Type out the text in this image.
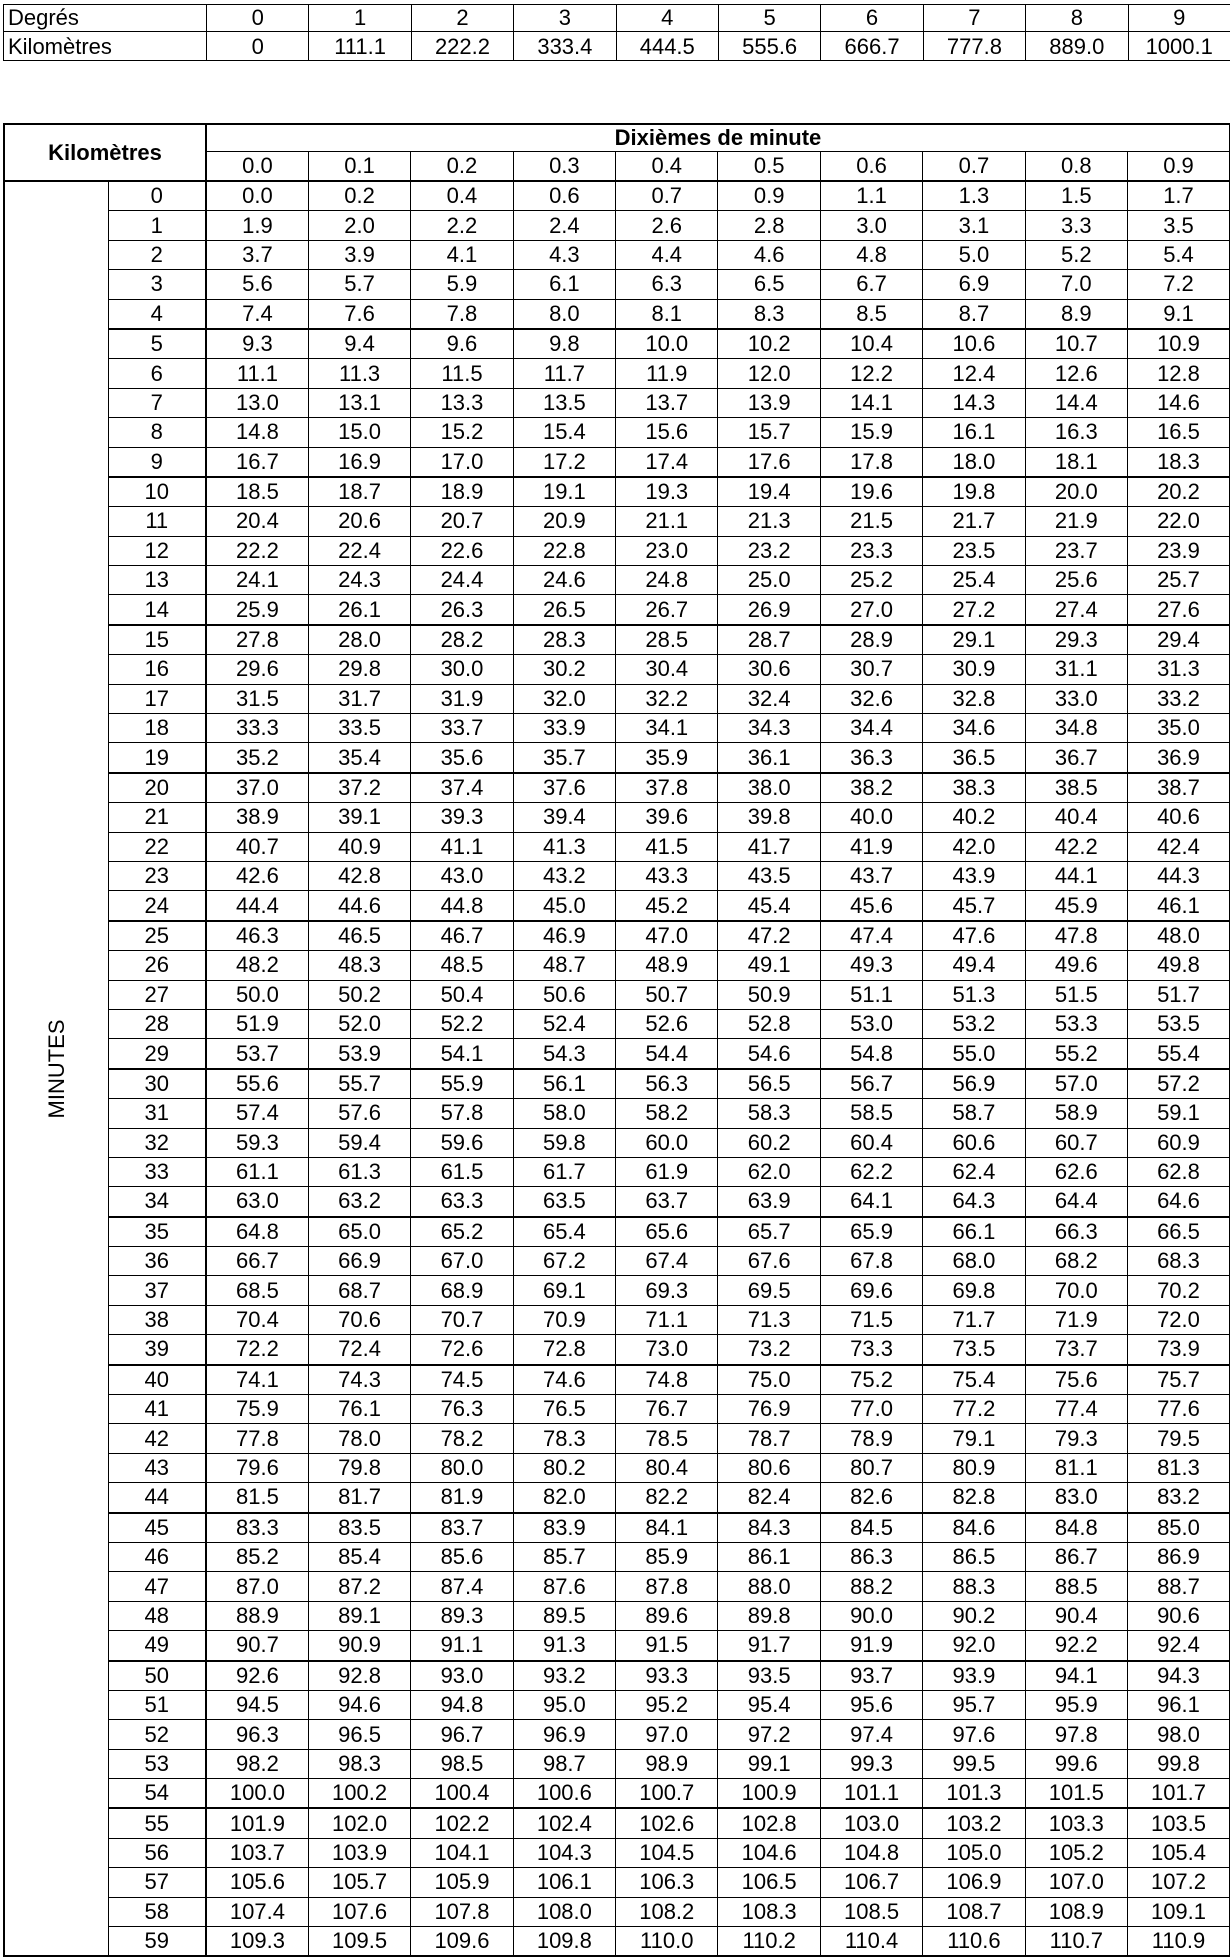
Degrés	0	1	2	3	4	5	6	7	8	9
Kilomètres	0	111.1	222.2	333.4	444.5	555.6	666.7	777.8	889.0	1000.1
Kilomètres		Dixièmes de minute									
		0.0	0.1	0.2	0.3	0.4	0.5	0.6	0.7	0.8	0.9

MINUTES	0	0.0	0.2	0.4	0.6	0.7	0.9	1.1	1.3	1.5	1.7
	1	1.9	2.0	2.2	2.4	2.6	2.8	3.0	3.1	3.3	3.5
	2	3.7	3.9	4.1	4.3	4.4	4.6	4.8	5.0	5.2	5.4
	3	5.6	5.7	5.9	6.1	6.3	6.5	6.7	6.9	7.0	7.2
	4	7.4	7.6	7.8	8.0	8.1	8.3	8.5	8.7	8.9	9.1
	5	9.3	9.4	9.6	9.8	10.0	10.2	10.4	10.6	10.7	10.9
	6	11.1	11.3	11.5	11.7	11.9	12.0	12.2	12.4	12.6	12.8
	7	13.0	13.1	13.3	13.5	13.7	13.9	14.1	14.3	14.4	14.6
	8	14.8	15.0	15.2	15.4	15.6	15.7	15.9	16.1	16.3	16.5
	9	16.7	16.9	17.0	17.2	17.4	17.6	17.8	18.0	18.1	18.3
	10	18.5	18.7	18.9	19.1	19.3	19.4	19.6	19.8	20.0	20.2
	11	20.4	20.6	20.7	20.9	21.1	21.3	21.5	21.7	21.9	22.0
	12	22.2	22.4	22.6	22.8	23.0	23.2	23.3	23.5	23.7	23.9
	13	24.1	24.3	24.4	24.6	24.8	25.0	25.2	25.4	25.6	25.7
	14	25.9	26.1	26.3	26.5	26.7	26.9	27.0	27.2	27.4	27.6
	15	27.8	28.0	28.2	28.3	28.5	28.7	28.9	29.1	29.3	29.4
	16	29.6	29.8	30.0	30.2	30.4	30.6	30.7	30.9	31.1	31.3
	17	31.5	31.7	31.9	32.0	32.2	32.4	32.6	32.8	33.0	33.2
	18	33.3	33.5	33.7	33.9	34.1	34.3	34.4	34.6	34.8	35.0
	19	35.2	35.4	35.6	35.7	35.9	36.1	36.3	36.5	36.7	36.9
	20	37.0	37.2	37.4	37.6	37.8	38.0	38.2	38.3	38.5	38.7
	21	38.9	39.1	39.3	39.4	39.6	39.8	40.0	40.2	40.4	40.6
	22	40.7	40.9	41.1	41.3	41.5	41.7	41.9	42.0	42.2	42.4
	23	42.6	42.8	43.0	43.2	43.3	43.5	43.7	43.9	44.1	44.3
	24	44.4	44.6	44.8	45.0	45.2	45.4	45.6	45.7	45.9	46.1
	25	46.3	46.5	46.7	46.9	47.0	47.2	47.4	47.6	47.8	48.0
	26	48.2	48.3	48.5	48.7	48.9	49.1	49.3	49.4	49.6	49.8
	27	50.0	50.2	50.4	50.6	50.7	50.9	51.1	51.3	51.5	51.7
	28	51.9	52.0	52.2	52.4	52.6	52.8	53.0	53.2	53.3	53.5
	29	53.7	53.9	54.1	54.3	54.4	54.6	54.8	55.0	55.2	55.4
	30	55.6	55.7	55.9	56.1	56.3	56.5	56.7	56.9	57.0	57.2
	31	57.4	57.6	57.8	58.0	58.2	58.3	58.5	58.7	58.9	59.1
	32	59.3	59.4	59.6	59.8	60.0	60.2	60.4	60.6	60.7	60.9
	33	61.1	61.3	61.5	61.7	61.9	62.0	62.2	62.4	62.6	62.8
	34	63.0	63.2	63.3	63.5	63.7	63.9	64.1	64.3	64.4	64.6
	35	64.8	65.0	65.2	65.4	65.6	65.7	65.9	66.1	66.3	66.5
	36	66.7	66.9	67.0	67.2	67.4	67.6	67.8	68.0	68.2	68.3
	37	68.5	68.7	68.9	69.1	69.3	69.5	69.6	69.8	70.0	70.2
	38	70.4	70.6	70.7	70.9	71.1	71.3	71.5	71.7	71.9	72.0
	39	72.2	72.4	72.6	72.8	73.0	73.2	73.3	73.5	73.7	73.9
	40	74.1	74.3	74.5	74.6	74.8	75.0	75.2	75.4	75.6	75.7
	41	75.9	76.1	76.3	76.5	76.7	76.9	77.0	77.2	77.4	77.6
	42	77.8	78.0	78.2	78.3	78.5	78.7	78.9	79.1	79.3	79.5
	43	79.6	79.8	80.0	80.2	80.4	80.6	80.7	80.9	81.1	81.3
	44	81.5	81.7	81.9	82.0	82.2	82.4	82.6	82.8	83.0	83.2
	45	83.3	83.5	83.7	83.9	84.1	84.3	84.5	84.6	84.8	85.0
	46	85.2	85.4	85.6	85.7	85.9	86.1	86.3	86.5	86.7	86.9
	47	87.0	87.2	87.4	87.6	87.8	88.0	88.2	88.3	88.5	88.7
	48	88.9	89.1	89.3	89.5	89.6	89.8	90.0	90.2	90.4	90.6
	49	90.7	90.9	91.1	91.3	91.5	91.7	91.9	92.0	92.2	92.4
	50	92.6	92.8	93.0	93.2	93.3	93.5	93.7	93.9	94.1	94.3
	51	94.5	94.6	94.8	95.0	95.2	95.4	95.6	95.7	95.9	96.1
	52	96.3	96.5	96.7	96.9	97.0	97.2	97.4	97.6	97.8	98.0
	53	98.2	98.3	98.5	98.7	98.9	99.1	99.3	99.5	99.6	99.8
	54	100.0	100.2	100.4	100.6	100.7	100.9	101.1	101.3	101.5	101.7
	55	101.9	102.0	102.2	102.4	102.6	102.8	103.0	103.2	103.3	103.5
	56	103.7	103.9	104.1	104.3	104.5	104.6	104.8	105.0	105.2	105.4
	57	105.6	105.7	105.9	106.1	106.3	106.5	106.7	106.9	107.0	107.2
	58	107.4	107.6	107.8	108.0	108.2	108.3	108.5	108.7	108.9	109.1
	59	109.3	109.5	109.6	109.8	110.0	110.2	110.4	110.6	110.7	110.9
